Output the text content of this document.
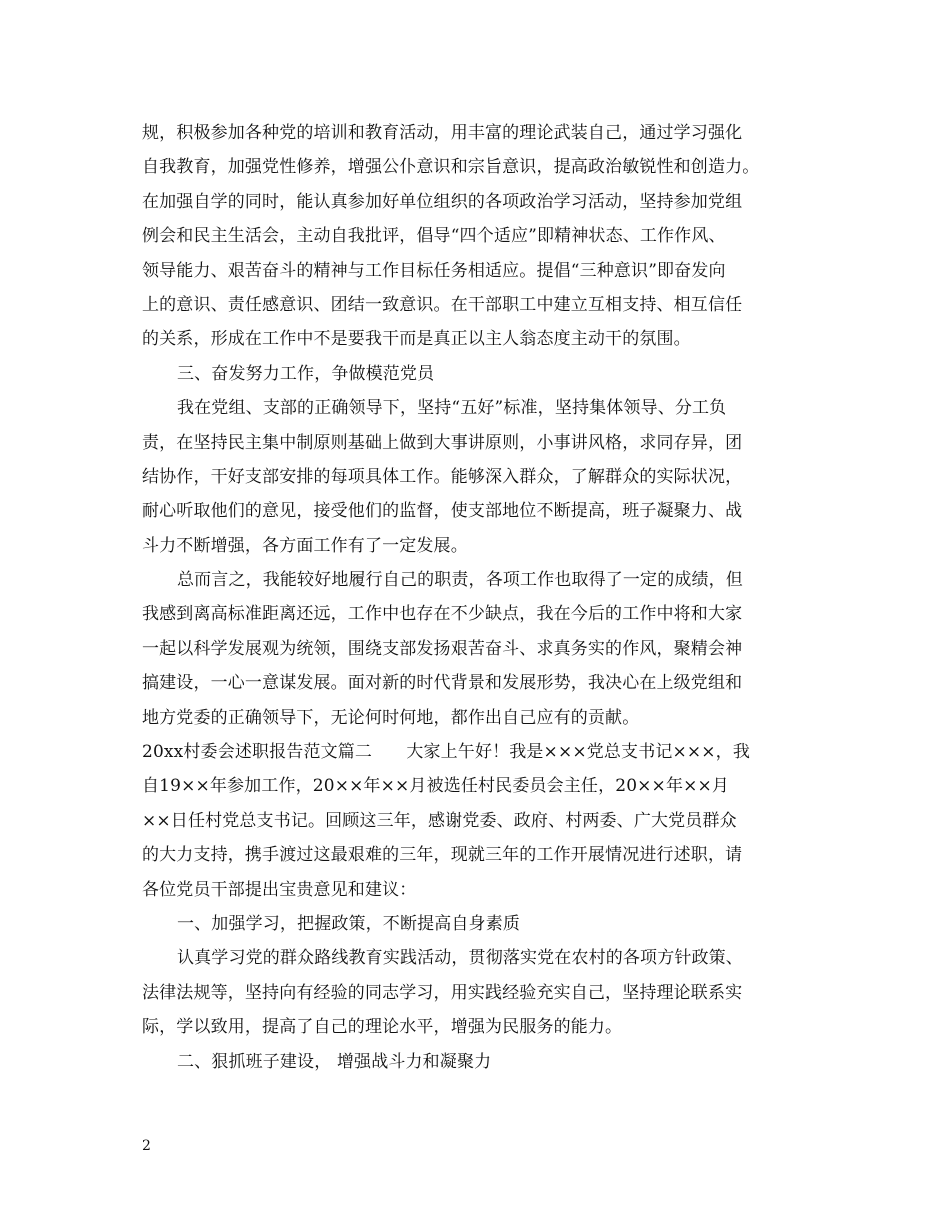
规，积极参加各种党的培训和教育活动，用丰富的理论武装自己，通过学习强化
自我教育，加强党性修养，增强公仆意识和宗旨意识，提高政治敏锐性和创造力。
在加强自学的同时，能认真参加好单位组织的各项政治学习活动，坚持参加党组
例会和民主生活会，主动自我批评，倡导“四个适应”即精神状态、工作作风、
领导能力、艰苦奋斗的精神与工作目标任务相适应。提倡“三种意识”即奋发向
上的意识、责任感意识、团结一致意识。在干部职工中建立互相支持、相互信任
的关系，形成在工作中不是要我干而是真正以主人翁态度主动干的氛围。
三、奋发努力工作，争做模范党员
我在党组、支部的正确领导下，坚持“五好”标准，坚持集体领导、分工负
责，在坚持民主集中制原则基础上做到大事讲原则，小事讲风格，求同存异，团
结协作，干好支部安排的每项具体工作。能够深入群众，了解群众的实际状况，
耐心听取他们的意见，接受他们的监督，使支部地位不断提高，班子凝聚力、战
斗力不断增强，各方面工作有了一定发展。
总而言之，我能较好地履行自己的职责，各项工作也取得了一定的成绩，但
我感到离高标准距离还远，工作中也存在不少缺点，我在今后的工作中将和大家
一起以科学发展观为统领，围绕支部发扬艰苦奋斗、求真务实的作风，聚精会神
搞建设，一心一意谋发展。面对新的时代背景和发展形势，我决心在上级党组和
地方党委的正确领导下，无论何时何地，都作出自己应有的贡献。
20xx村委会述职报告范文篇二　　大家上午好！我是×××党总支书记×××，我
自19××年参加工作，20××年××月被选任村民委员会主任，20××年××月
××日任村党总支书记。回顾这三年，感谢党委、政府、村两委、广大党员群众
的大力支持，携手渡过这最艰难的三年，现就三年的工作开展情况进行述职，请
各位党员干部提出宝贵意见和建议：
一、加强学习，把握政策，不断提高自身素质
认真学习党的群众路线教育实践活动，贯彻落实党在农村的各项方针政策、
法律法规等，坚持向有经验的同志学习，用实践经验充实自己，坚持理论联系实
际，学以致用，提高了自己的理论水平，增强为民服务的能力。
二、狠抓班子建设， 增强战斗力和凝聚力
2
